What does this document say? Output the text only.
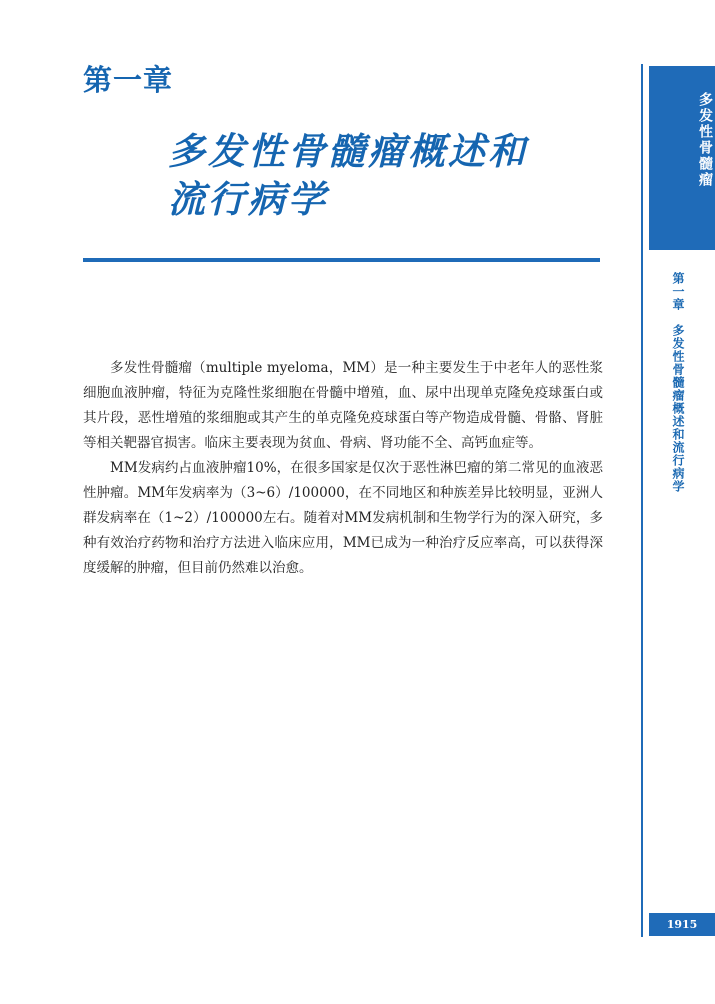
第一章
多发性骨髓瘤概述和
流行病学

多发性骨髓瘤（multiple myeloma，MM）是一种主要发生于中老年人的恶性浆细胞血液肿瘤，特征为克隆性浆细胞在骨髓中增殖，血、尿中出现单克隆免疫球蛋白或其片段，恶性增殖的浆细胞或其产生的单克隆免疫球蛋白等产物造成骨髓、骨骼、肾脏等相关靶器官损害。临床主要表现为贫血、骨病、肾功能不全、高钙血症等。

MM发病约占血液肿瘤10%，在很多国家是仅次于恶性淋巴瘤的第二常见的血液恶性肿瘤。MM年发病率为（3~6）/100000，在不同地区和种族差异比较明显，亚洲人群发病率在（1~2）/100000左右。随着对MM发病机制和生物学行为的深入研究，多种有效治疗药物和治疗方法进入临床应用，MM已成为一种治疗反应率高，可以获得深度缓解的肿瘤，但目前仍然难以治愈。

多发性骨髓瘤
第一章　多发性骨髓瘤概述和流行病学
1915
